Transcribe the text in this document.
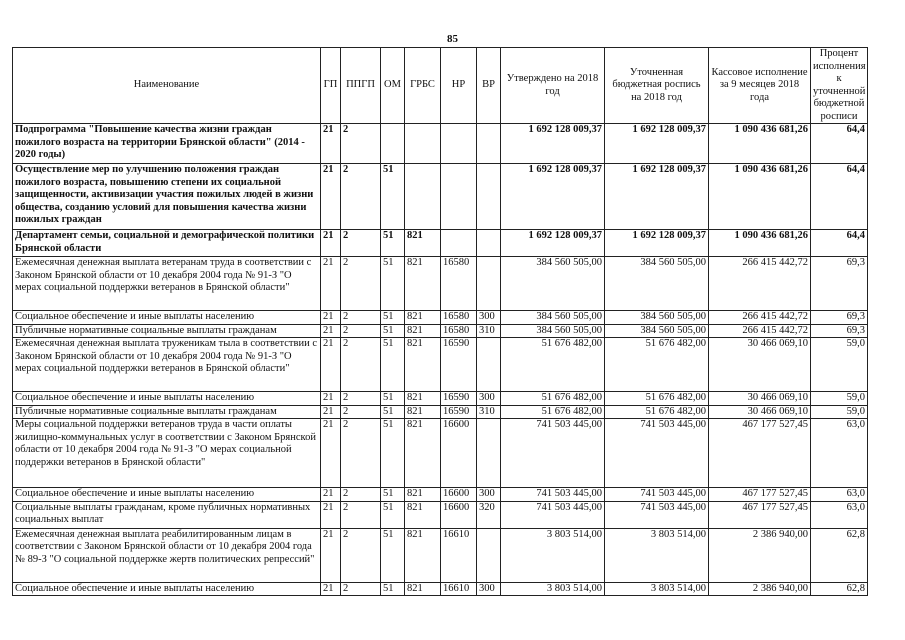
85
Наименование	ГП	ППГП	ОМ	ГРБС	НР	ВР	Утверждено на 2018 год	Уточненная бюджетная роспись на 2018 год	Кассовое исполнение за 9 месяцев 2018 года	Процент исполнения к уточненной бюджетной росписи
Подпрограмма "Повышение качества жизни граждан пожилого возраста на территории Брянской области" (2014 - 2020 годы)	21	2					1 692 128 009,37	1 692 128 009,37	1 090 436 681,26	64,4
Осуществление мер по улучшению положения граждан пожилого возраста, повышению степени их социальной защищенности, активизации участия пожилых людей в жизни общества, созданию условий для повышения качества жизни пожилых граждан	21	2	51				1 692 128 009,37	1 692 128 009,37	1 090 436 681,26	64,4
Департамент семьи, социальной и демографической политики Брянской области	21	2	51	821			1 692 128 009,37	1 692 128 009,37	1 090 436 681,26	64,4
Ежемесячная денежная выплата ветеранам труда в соответствии с Законом Брянской области от 10 декабря 2004 года № 91-З "О мерах социальной поддержки ветеранов в Брянской области"	21	2	51	821	16580		384 560 505,00	384 560 505,00	266 415 442,72	69,3
Социальное обеспечение и иные выплаты населению	21	2	51	821	16580	300	384 560 505,00	384 560 505,00	266 415 442,72	69,3
Публичные нормативные социальные выплаты гражданам	21	2	51	821	16580	310	384 560 505,00	384 560 505,00	266 415 442,72	69,3
Ежемесячная денежная выплата труженикам тыла в соответствии с Законом Брянской области от 10 декабря 2004 года № 91-З "О мерах социальной поддержки ветеранов в Брянской области"	21	2	51	821	16590		51 676 482,00	51 676 482,00	30 466 069,10	59,0
Социальное обеспечение и иные выплаты населению	21	2	51	821	16590	300	51 676 482,00	51 676 482,00	30 466 069,10	59,0
Публичные нормативные социальные выплаты гражданам	21	2	51	821	16590	310	51 676 482,00	51 676 482,00	30 466 069,10	59,0
Меры социальной поддержки ветеранов труда в части оплаты жилищно-коммунальных услуг в соответствии с Законом Брянской области от 10 декабря 2004 года № 91-З "О мерах социальной поддержки ветеранов в Брянской области"	21	2	51	821	16600		741 503 445,00	741 503 445,00	467 177 527,45	63,0
Социальное обеспечение и иные выплаты населению	21	2	51	821	16600	300	741 503 445,00	741 503 445,00	467 177 527,45	63,0
Социальные выплаты гражданам, кроме публичных нормативных социальных выплат	21	2	51	821	16600	320	741 503 445,00	741 503 445,00	467 177 527,45	63,0
Ежемесячная денежная выплата реабилитированным лицам в соответствии с Законом Брянской области от 10 декабря 2004 года № 89-З "О социальной поддержке жертв политических репрессий"	21	2	51	821	16610		3 803 514,00	3 803 514,00	2 386 940,00	62,8
Социальное обеспечение и иные выплаты населению	21	2	51	821	16610	300	3 803 514,00	3 803 514,00	2 386 940,00	62,8
